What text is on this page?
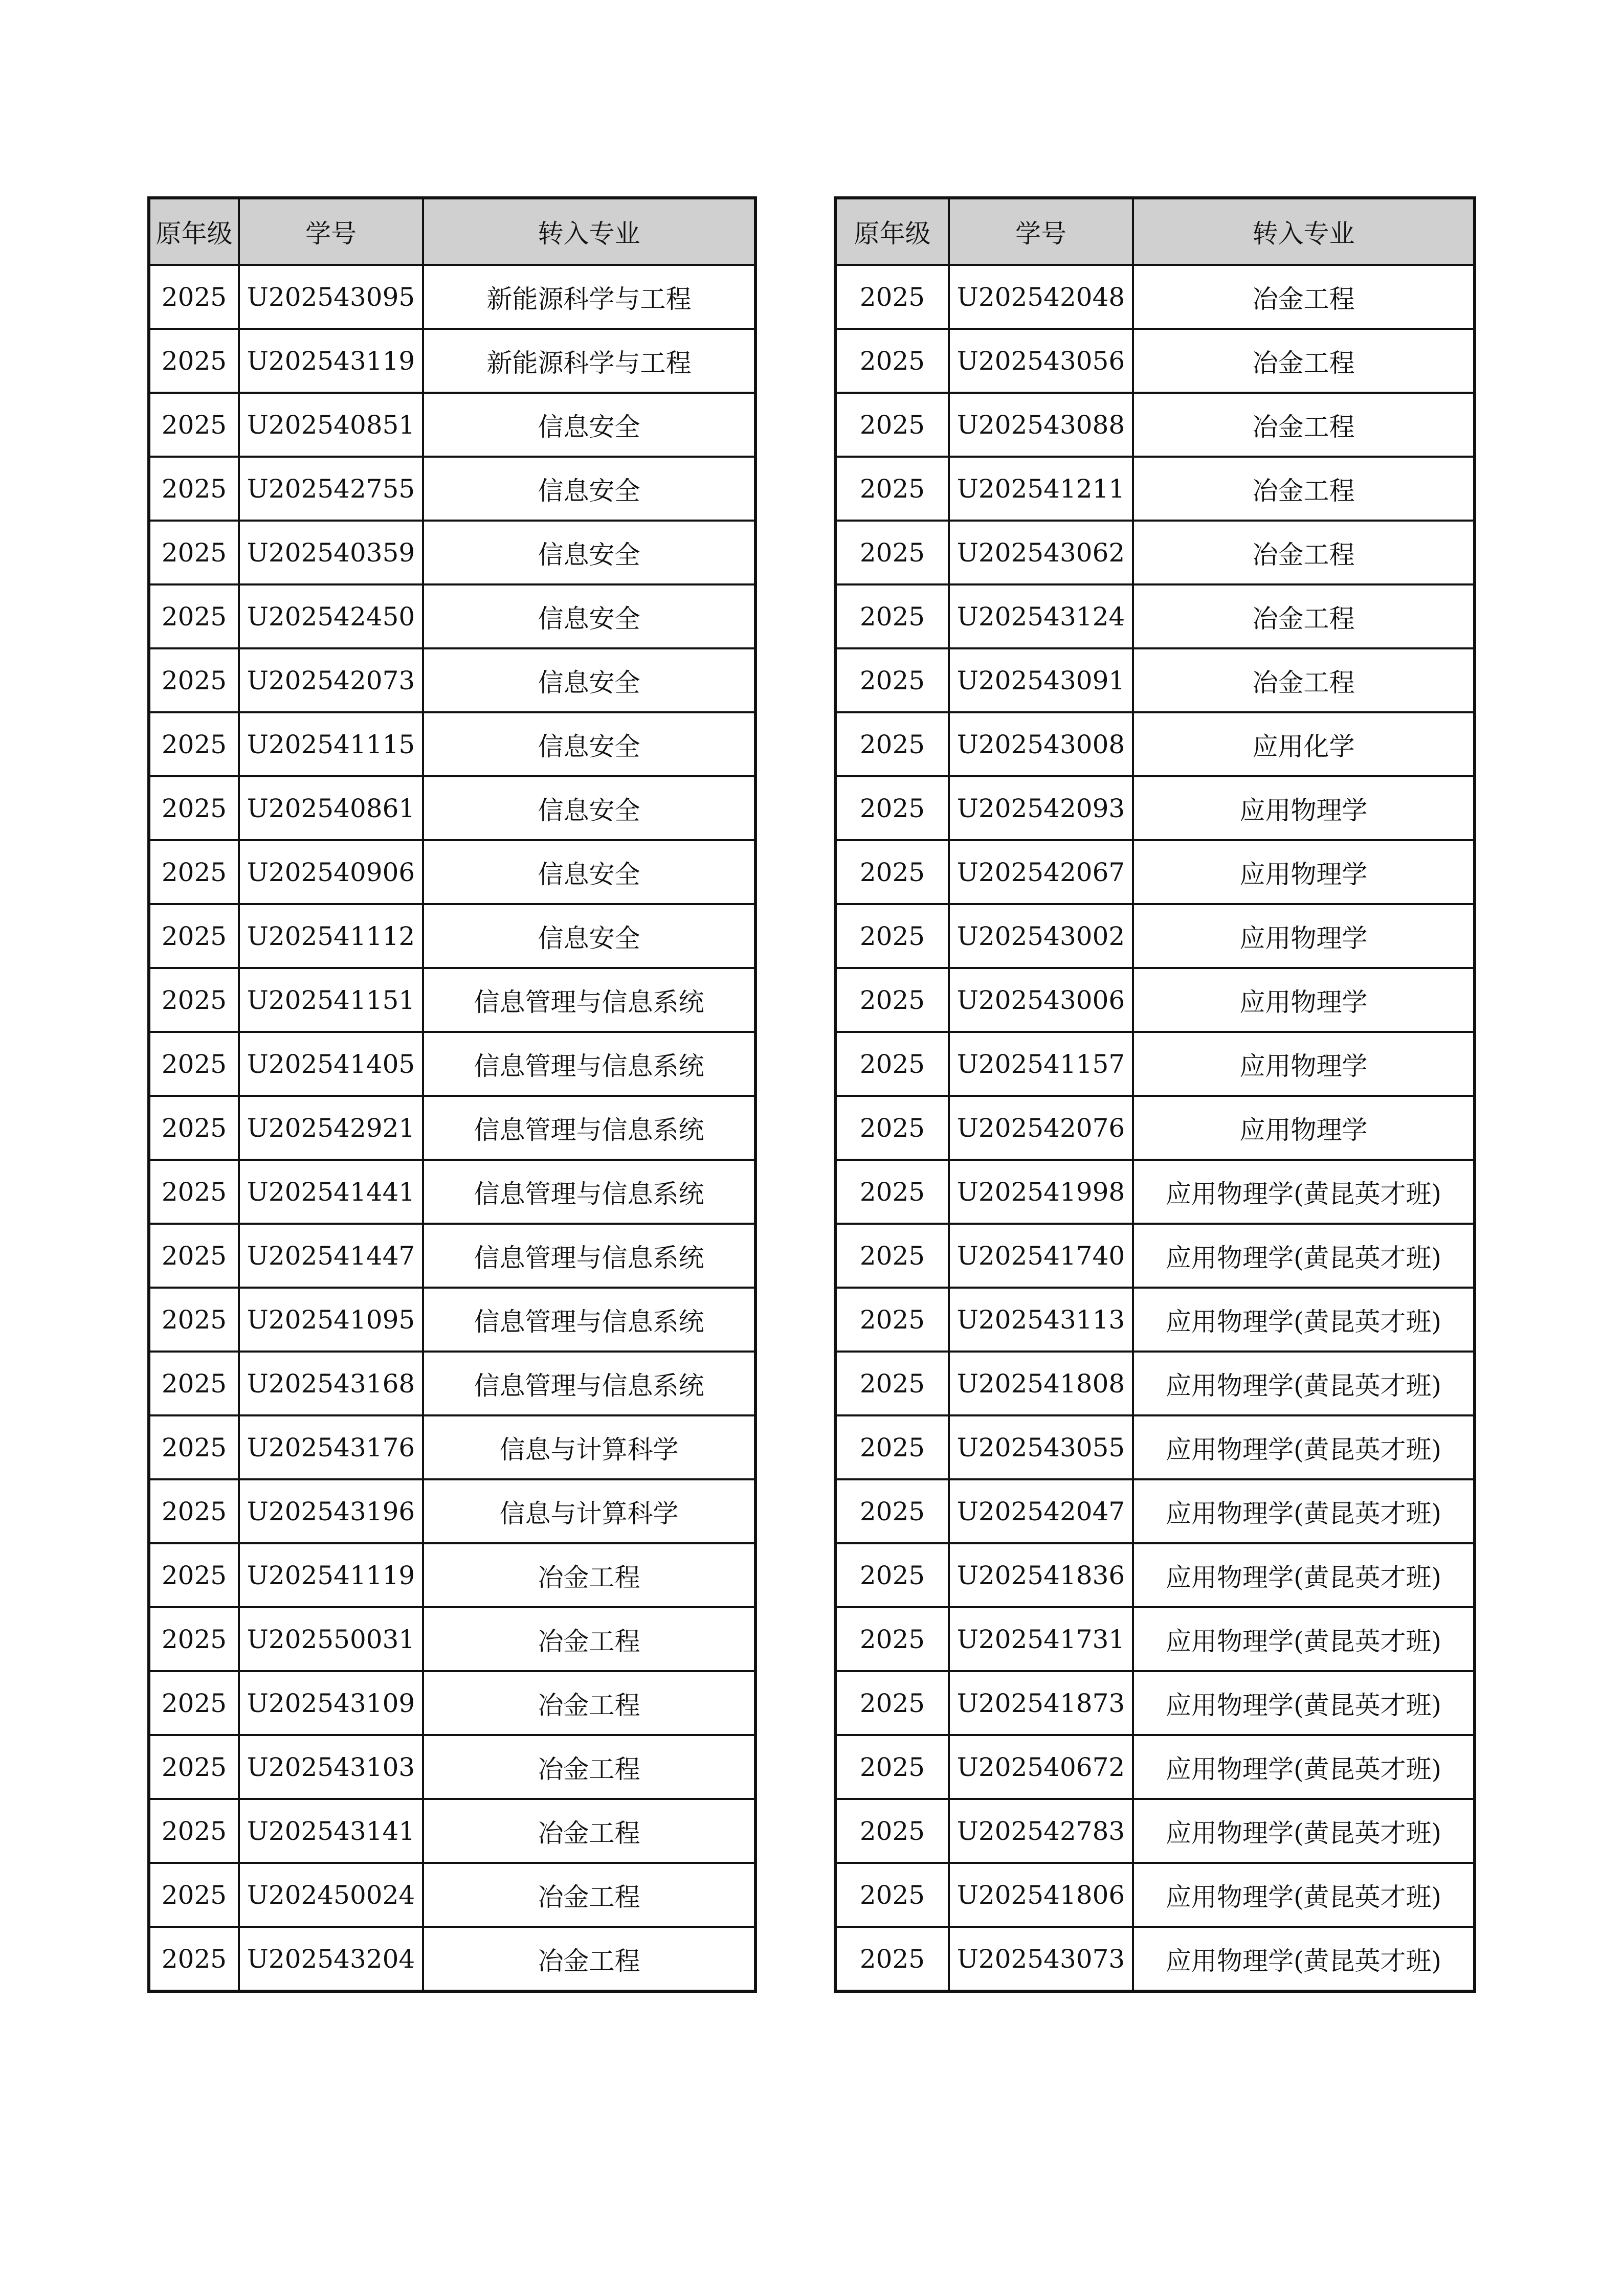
原年级	学号	转入专业
2025	U202543095	新能源科学与工程
2025	U202543119	新能源科学与工程
2025	U202540851	信息安全
2025	U202542755	信息安全
2025	U202540359	信息安全
2025	U202542450	信息安全
2025	U202542073	信息安全
2025	U202541115	信息安全
2025	U202540861	信息安全
2025	U202540906	信息安全
2025	U202541112	信息安全
2025	U202541151	信息管理与信息系统
2025	U202541405	信息管理与信息系统
2025	U202542921	信息管理与信息系统
2025	U202541441	信息管理与信息系统
2025	U202541447	信息管理与信息系统
2025	U202541095	信息管理与信息系统
2025	U202543168	信息管理与信息系统
2025	U202543176	信息与计算科学
2025	U202543196	信息与计算科学
2025	U202541119	冶金工程
2025	U202550031	冶金工程
2025	U202543109	冶金工程
2025	U202543103	冶金工程
2025	U202543141	冶金工程
2025	U202450024	冶金工程
2025	U202543204	冶金工程
原年级	学号	转入专业
2025	U202542048	冶金工程
2025	U202543056	冶金工程
2025	U202543088	冶金工程
2025	U202541211	冶金工程
2025	U202543062	冶金工程
2025	U202543124	冶金工程
2025	U202543091	冶金工程
2025	U202543008	应用化学
2025	U202542093	应用物理学
2025	U202542067	应用物理学
2025	U202543002	应用物理学
2025	U202543006	应用物理学
2025	U202541157	应用物理学
2025	U202542076	应用物理学
2025	U202541998	应用物理学(黄昆英才班)
2025	U202541740	应用物理学(黄昆英才班)
2025	U202543113	应用物理学(黄昆英才班)
2025	U202541808	应用物理学(黄昆英才班)
2025	U202543055	应用物理学(黄昆英才班)
2025	U202542047	应用物理学(黄昆英才班)
2025	U202541836	应用物理学(黄昆英才班)
2025	U202541731	应用物理学(黄昆英才班)
2025	U202541873	应用物理学(黄昆英才班)
2025	U202540672	应用物理学(黄昆英才班)
2025	U202542783	应用物理学(黄昆英才班)
2025	U202541806	应用物理学(黄昆英才班)
2025	U202543073	应用物理学(黄昆英才班)
